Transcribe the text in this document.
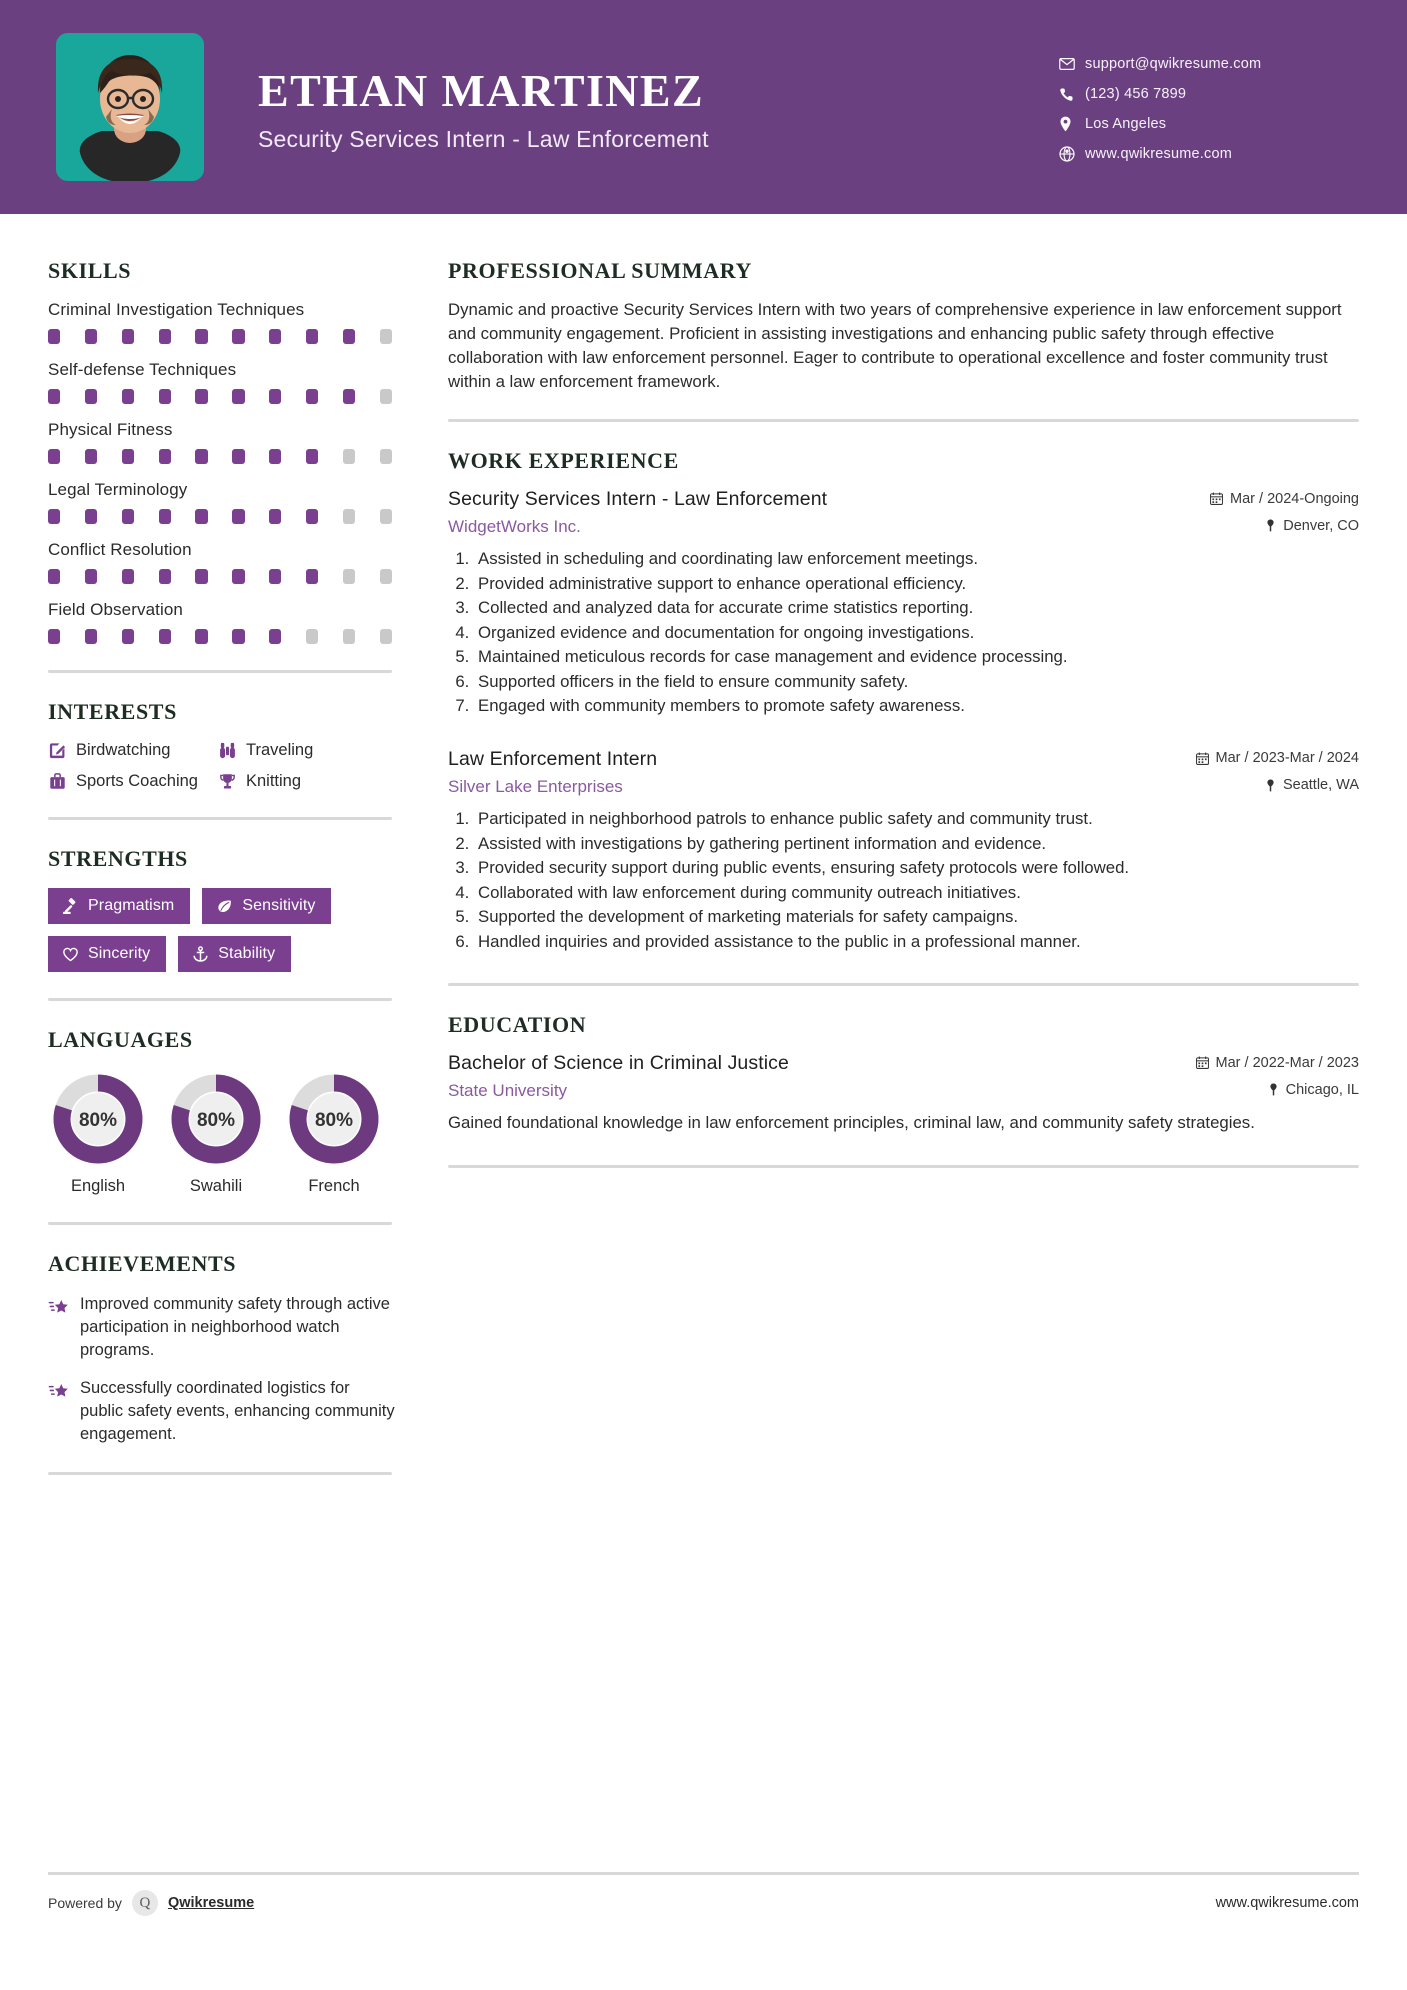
ETHAN MARTINEZ
Security Services Intern - Law Enforcement
support@qwikresume.com
(123) 456 7899
Los Angeles
www.qwikresume.com
SKILLS
Criminal Investigation Techniques
Self-defense Techniques
Physical Fitness
Legal Terminology
Conflict Resolution
Field Observation
INTERESTS
Birdwatching	Traveling
Sports Coaching	Knitting
STRENGTHS
Pragmatism	Sensitivity
Sincerity	Stability
LANGUAGES
80%
English
80%
Swahili
80%
French
ACHIEVEMENTS
Improved community safety through active participation in neighborhood watch programs.
Successfully coordinated logistics for public safety events, enhancing community engagement.
PROFESSIONAL SUMMARY
Dynamic and proactive Security Services Intern with two years of comprehensive experience in law enforcement support and community engagement. Proficient in assisting investigations and enhancing public safety through effective collaboration with law enforcement personnel. Eager to contribute to operational excellence and foster community trust within a law enforcement framework.
WORK EXPERIENCE
Security Services Intern - Law Enforcement	Mar / 2024-Ongoing
WidgetWorks Inc.	Denver, CO
1. Assisted in scheduling and coordinating law enforcement meetings.
2. Provided administrative support to enhance operational efficiency.
3. Collected and analyzed data for accurate crime statistics reporting.
4. Organized evidence and documentation for ongoing investigations.
5. Maintained meticulous records for case management and evidence processing.
6. Supported officers in the field to ensure community safety.
7. Engaged with community members to promote safety awareness.
Law Enforcement Intern	Mar / 2023-Mar / 2024
Silver Lake Enterprises	Seattle, WA
1. Participated in neighborhood patrols to enhance public safety and community trust.
2. Assisted with investigations by gathering pertinent information and evidence.
3. Provided security support during public events, ensuring safety protocols were followed.
4. Collaborated with law enforcement during community outreach initiatives.
5. Supported the development of marketing materials for safety campaigns.
6. Handled inquiries and provided assistance to the public in a professional manner.
EDUCATION
Bachelor of Science in Criminal Justice	Mar / 2022-Mar / 2023
State University	Chicago, IL
Gained foundational knowledge in law enforcement principles, criminal law, and community safety strategies.
Powered by	Q	Qwikresume	www.qwikresume.com
